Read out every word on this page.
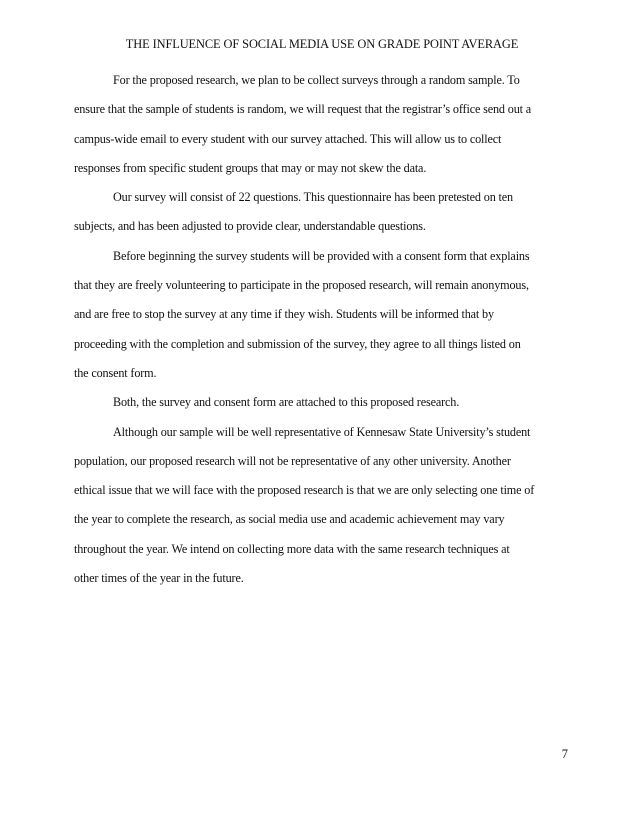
THE INFLUENCE OF SOCIAL MEDIA USE ON GRADE POINT AVERAGE
For the proposed research, we plan to be collect surveys through a random sample. To
ensure that the sample of students is random, we will request that the registrar’s office send out a
campus-wide email to every student with our survey attached. This will allow us to collect
responses from specific student groups that may or may not skew the data.
Our survey will consist of 22 questions. This questionnaire has been pretested on ten
subjects, and has been adjusted to provide clear, understandable questions.
Before beginning the survey students will be provided with a consent form that explains
that they are freely volunteering to participate in the proposed research, will remain anonymous,
and are free to stop the survey at any time if they wish. Students will be informed that by
proceeding with the completion and submission of the survey, they agree to all things listed on
the consent form.
Both, the survey and consent form are attached to this proposed research.
Although our sample will be well representative of Kennesaw State University’s student
population, our proposed research will not be representative of any other university. Another
ethical issue that we will face with the proposed research is that we are only selecting one time of
the year to complete the research, as social media use and academic achievement may vary
throughout the year. We intend on collecting more data with the same research techniques at
other times of the year in the future.
7
